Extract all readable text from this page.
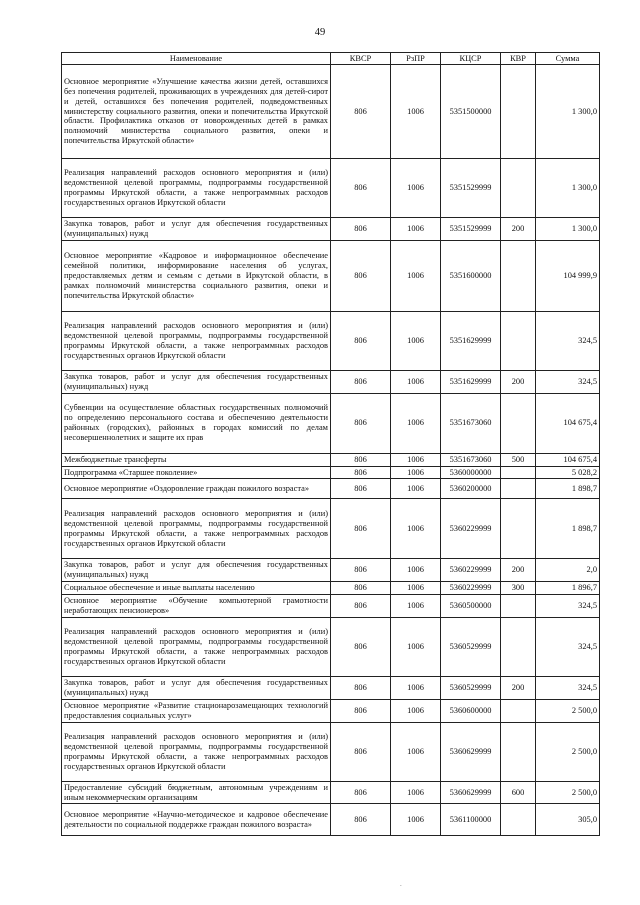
49
Наименование	КВСР	РзПР	КЦСР	КВР	Сумма
Основное мероприятие «Улучшение качества жизни детей, оставшихся без попечения родителей, проживающих в учреждениях для детей-сирот и детей, оставшихся без попечения родителей, подведомственных министерству социального развития, опеки и попечительства Иркутской области. Профилактика отказов от новорожденных детей в рамках полномочий министерства социального развития, опеки и попечительства Иркутской области»	806	1006	5351500000		1 300,0
Реализация направлений расходов основного мероприятия и (или) ведомственной целевой программы, подпрограммы государственной программы Иркутской области, а также непрограммных расходов государственных органов Иркутской области	806	1006	5351529999		1 300,0
Закупка товаров, работ и услуг для обеспечения государственных (муниципальных) нужд	806	1006	5351529999	200	1 300,0
Основное мероприятие «Кадровое и информационное обеспечение семейной политики, информирование населения об услугах, предоставляемых детям и семьям с детьми в Иркутской области, в рамках полномочий министерства социального развития, опеки и попечительства Иркутской области»	806	1006	5351600000		104 999,9
Реализация направлений расходов основного мероприятия и (или) ведомственной целевой программы, подпрограммы государственной программы Иркутской области, а также непрограммных расходов государственных органов Иркутской области	806	1006	5351629999		324,5
Закупка товаров, работ и услуг для обеспечения государственных (муниципальных) нужд	806	1006	5351629999	200	324,5
Субвенции на осуществление областных государственных полномочий по определению персонального состава и обеспечению деятельности районных (городских), районных в городах комиссий по делам несовершеннолетних и защите их прав	806	1006	5351673060		104 675,4
Межбюджетные трансферты	806	1006	5351673060	500	104 675,4
Подпрограмма «Старшее поколение»	806	1006	5360000000		5 028,2
Основное мероприятие «Оздоровление граждан пожилого возраста»	806	1006	5360200000		1 898,7
Реализация направлений расходов основного мероприятия и (или) ведомственной целевой программы, подпрограммы государственной программы Иркутской области, а также непрограммных расходов государственных органов Иркутской области	806	1006	5360229999		1 898,7
Закупка товаров, работ и услуг для обеспечения государственных (муниципальных) нужд	806	1006	5360229999	200	2,0
Социальное обеспечение и иные выплаты населению	806	1006	5360229999	300	1 896,7
Основное мероприятие «Обучение компьютерной грамотности неработающих пенсионеров»	806	1006	5360500000		324,5
Реализация направлений расходов основного мероприятия и (или) ведомственной целевой программы, подпрограммы государственной программы Иркутской области, а также непрограммных расходов государственных органов Иркутской области	806	1006	5360529999		324,5
Закупка товаров, работ и услуг для обеспечения государственных (муниципальных) нужд	806	1006	5360529999	200	324,5
Основное мероприятие «Развитие стационарозамещающих технологий предоставления социальных услуг»	806	1006	5360600000		2 500,0
Реализация направлений расходов основного мероприятия и (или) ведомственной целевой программы, подпрограммы государственной программы Иркутской области, а также непрограммных расходов государственных органов Иркутской области	806	1006	5360629999		2 500,0
Предоставление субсидий бюджетным, автономным учреждениям и иным некоммерческим организациям	806	1006	5360629999	600	2 500,0
Основное мероприятие «Научно-методическое и кадровое обеспечение деятельности по социальной поддержке граждан пожилого возраста»	806	1006	5361100000		305,0
.
